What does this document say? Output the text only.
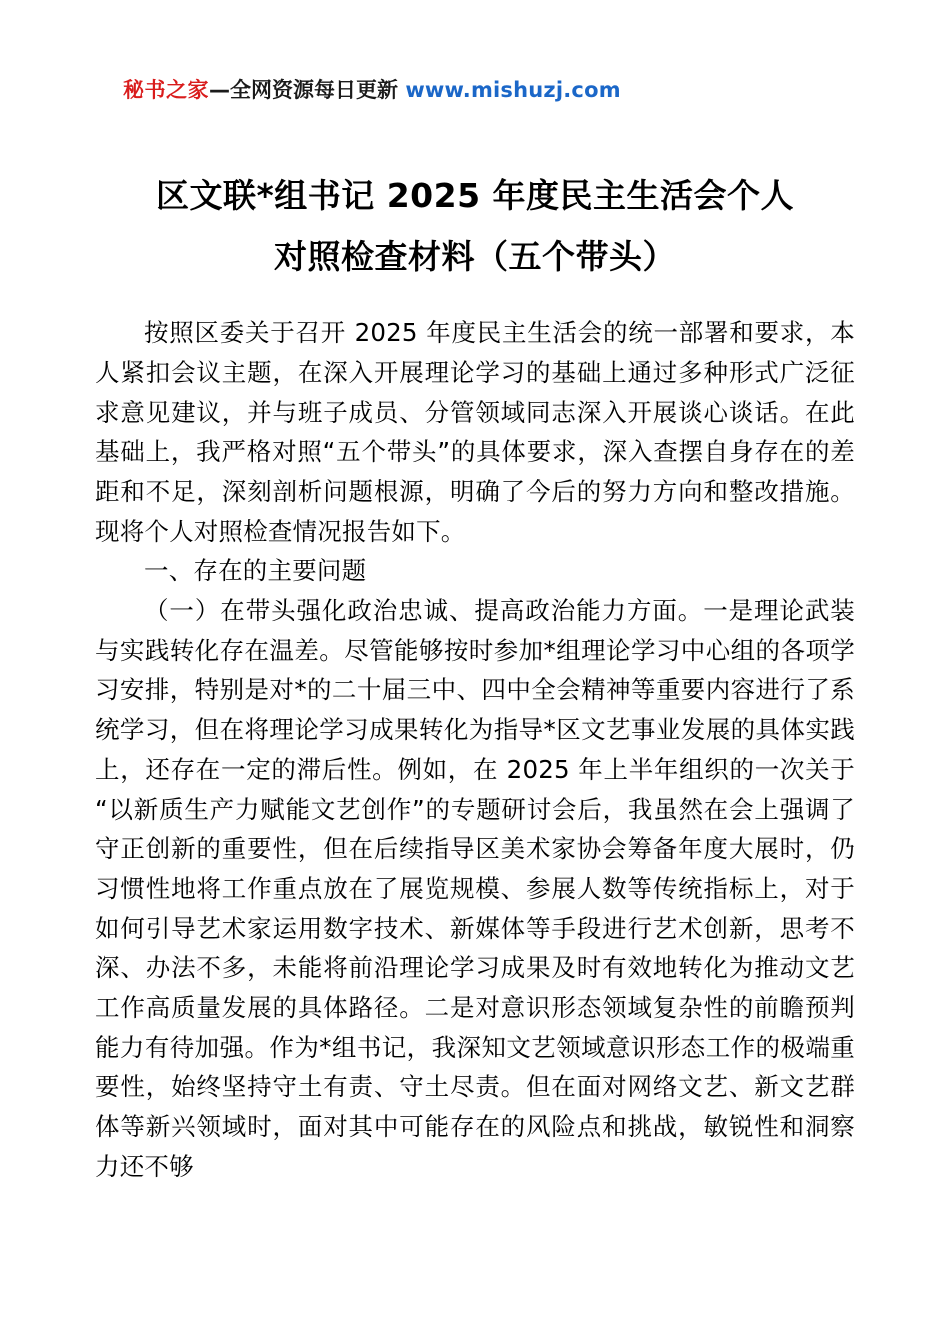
秘书之家—全网资源每日更新 www.mishuzj.com
区文联*组书记 2025 年度民主生活会个人
对照检查材料（五个带头）

按照区委关于召开 2025 年度民主生活会的统一部署和要求，本人紧扣会议主题，在深入开展理论学习的基础上通过多种形式广泛征求意见建议，并与班子成员、分管领域同志深入开展谈心谈话。在此基础上，我严格对照“五个带头”的具体要求，深入查摆自身存在的差距和不足，深刻剖析问题根源，明确了今后的努力方向和整改措施。现将个人对照检查情况报告如下。

一、存在的主要问题

（一）在带头强化政治忠诚、提高政治能力方面。一是理论武装与实践转化存在温差。尽管能够按时参加*组理论学习中心组的各项学习安排，特别是对*的二十届三中、四中全会精神等重要内容进行了系统学习，但在将理论学习成果转化为指导*区文艺事业发展的具体实践上，还存在一定的滞后性。例如，在 2025 年上半年组织的一次关于“以新质生产力赋能文艺创作”的专题研讨会后，我虽然在会上强调了守正创新的重要性，但在后续指导区美术家协会筹备年度大展时，仍习惯性地将工作重点放在了展览规模、参展人数等传统指标上，对于如何引导艺术家运用数字技术、新媒体等手段进行艺术创新，思考不深、办法不多，未能将前沿理论学习成果及时有效地转化为推动文艺工作高质量发展的具体路径。二是对意识形态领域复杂性的前瞻预判能力有待加强。作为*组书记，我深知文艺领域意识形态工作的极端重要性，始终坚持守土有责、守土尽责。但在面对网络文艺、新文艺群体等新兴领域时，面对其中可能存在的风险点和挑战，敏锐性和洞察力还不够
